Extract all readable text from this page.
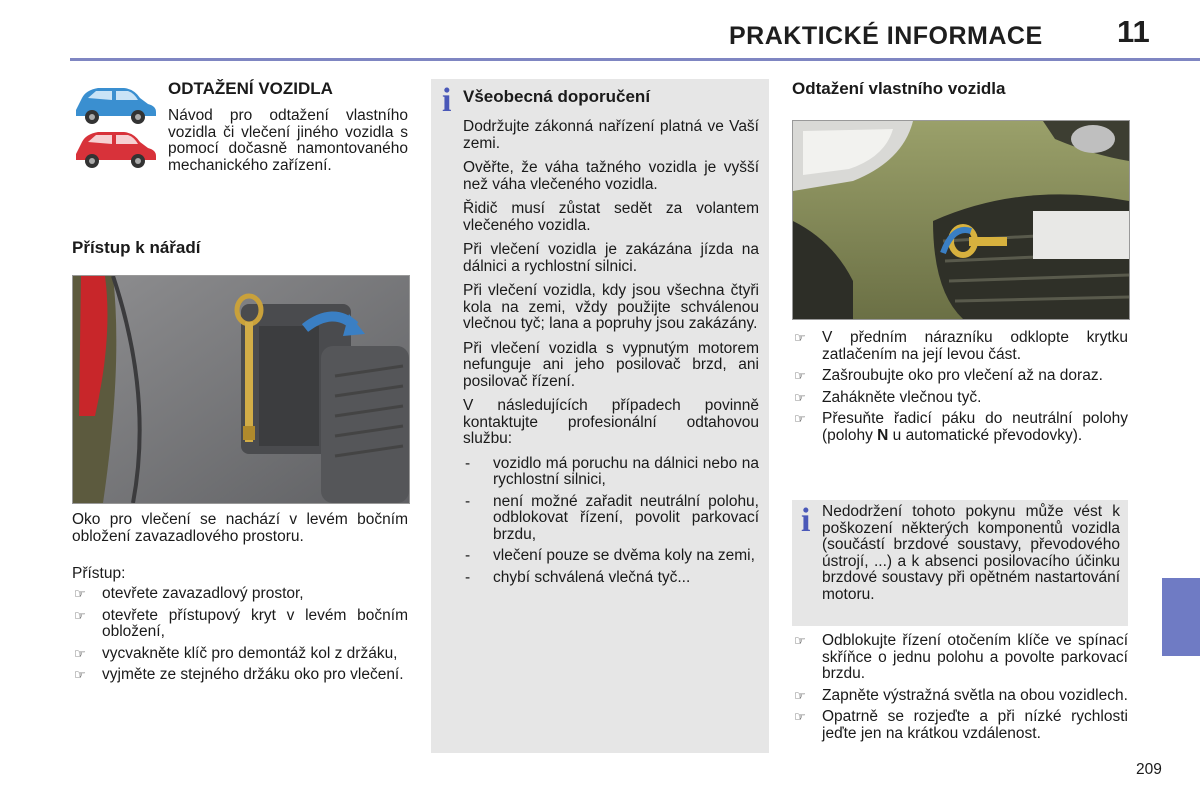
PRAKTICKÉ INFORMACE 11
ODTAŽENÍ VOZIDLA

Návod pro odtažení vlastního vozidla či vlečení jiného vozidla s pomocí dočasně namontovaného mechanického zařízení.

Přístup k nářadí

Oko pro vlečení se nachází v levém bočním obložení zavazadlového prostoru.

Přístup:

☞ otevřete zavazadlový prostor,
☞ otevřete přístupový kryt v levém bočním obložení,
☞ vycvakněte klíč pro demontáž kol z držáku,
☞ vyjměte ze stejného držáku oko pro vlečení.
i Všeobecná doporučení

Dodržujte zákonná nařízení platná ve Vaší zemi.

Ověřte, že váha tažného vozidla je vyšší než váha vlečeného vozidla.

Řidič musí zůstat sedět za volantem vlečeného vozidla.

Při vlečení vozidla je zakázána jízda na dálnici a rychlostní silnici.

Při vlečení vozidla, kdy jsou všechna čtyři kola na zemi, vždy použijte schválenou vlečnou tyč; lana a popruhy jsou zakázány.

Při vlečení vozidla s vypnutým motorem nefunguje ani jeho posilovač brzd, ani posilovač řízení.

V následujících případech povinně kontaktujte profesionální odtahovou službu:

- vozidlo má poruchu na dálnici nebo na rychlostní silnici,
- není možné zařadit neutrální polohu, odblokovat řízení, povolit parkovací brzdu,
- vlečení pouze se dvěma koly na zemi,
- chybí schválená vlečná tyč...
Odtažení vlastního vozidla
☞ V předním nárazníku odklopte krytku zatlačením na její levou část.
☞ Zašroubujte oko pro vlečení až na doraz.
☞ Zahákněte vlečnou tyč.
☞ Přesuňte řadicí páku do neutrální polohy (polohy N u automatické převodovky).
i Nedodržení tohoto pokynu může vést k poškození některých komponentů vozidla (součástí brzdové soustavy, převodového ústrojí, ...) a k absenci posilovacího účinku brzdové soustavy při opětném nastartování motoru.

☞ Odblokujte řízení otočením klíče ve spínací skříňce o jednu polohu a povolte parkovací brzdu.
☞ Zapněte výstražná světla na obou vozidlech.
☞ Opatrně se rozjeďte a při nízké rychlosti jeďte jen na krátkou vzdálenost.
209
